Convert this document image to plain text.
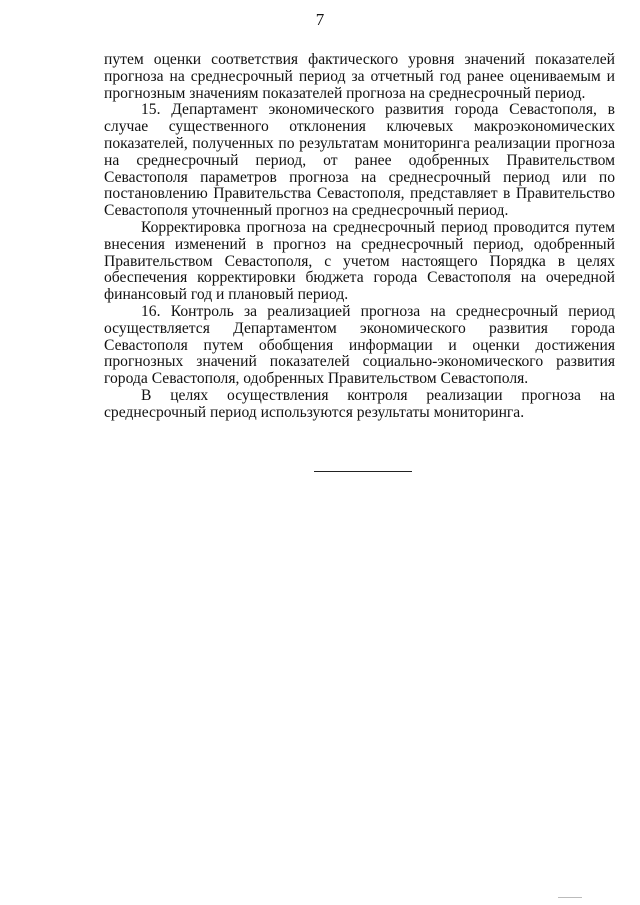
7

путем оценки соответствия фактического уровня значений показателей прогноза на среднесрочный период за отчетный год ранее оцениваемым и прогнозным значениям показателей прогноза на среднесрочный период.

15. Департамент экономического развития города Севастополя, в случае существенного отклонения ключевых макроэкономических показателей, полученных по результатам мониторинга реализации прогноза на среднесрочный период, от ранее одобренных Правительством Севастополя параметров прогноза на среднесрочный период или по постановлению Правительства Севастополя, представляет в Правительство Севастополя уточненный прогноз на среднесрочный период.

Корректировка прогноза на среднесрочный период проводится путем внесения изменений в прогноз на среднесрочный период, одобренный Правительством Севастополя, с учетом настоящего Порядка в целях обеспечения корректировки бюджета города Севастополя на очередной финансовый год и плановый период.

16. Контроль за реализацией прогноза на среднесрочный период осуществляется Департаментом экономического развития города Севастополя путем обобщения информации и оценки достижения прогнозных значений показателей социально-экономического развития города Севастополя, одобренных Правительством Севастополя.

В целях осуществления контроля реализации прогноза на среднесрочный период используются результаты мониторинга.
